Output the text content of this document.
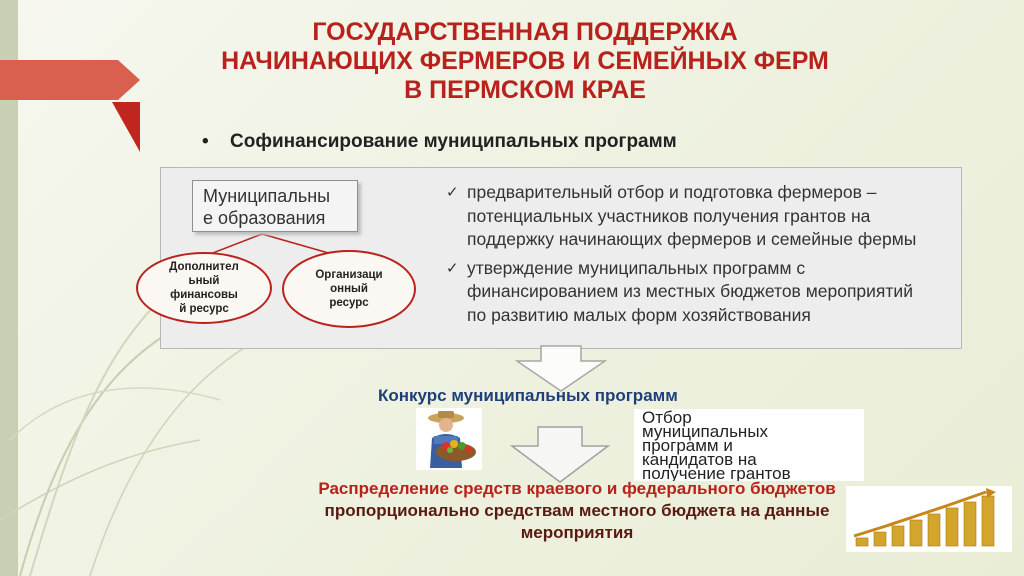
ГОСУДАРСТВЕННАЯ ПОДДЕРЖКА
НАЧИНАЮЩИХ ФЕРМЕРОВ И СЕМЕЙНЫХ ФЕРМ
В ПЕРМСКОМ КРАЕ
• Софинансирование муниципальных программ
Муниципальны
е образования
Дополнител
ьный
финансовы
й ресурс
Организаци
онный
ресурс
✓ предварительный отбор и подготовка фермеров – потенциальных участников получения грантов на поддержку начинающих фермеров и семейные фермы
✓ утверждение муниципальных программ с финансированием из местных бюджетов мероприятий по развитию малых форм хозяйствования
Конкурс муниципальных программ
Отбор
муниципальных
программ и
кандидатов на
получение грантов
Распределение средств краевого и федерального бюджетов
пропорционально средствам местного бюджета на данные
мероприятия
